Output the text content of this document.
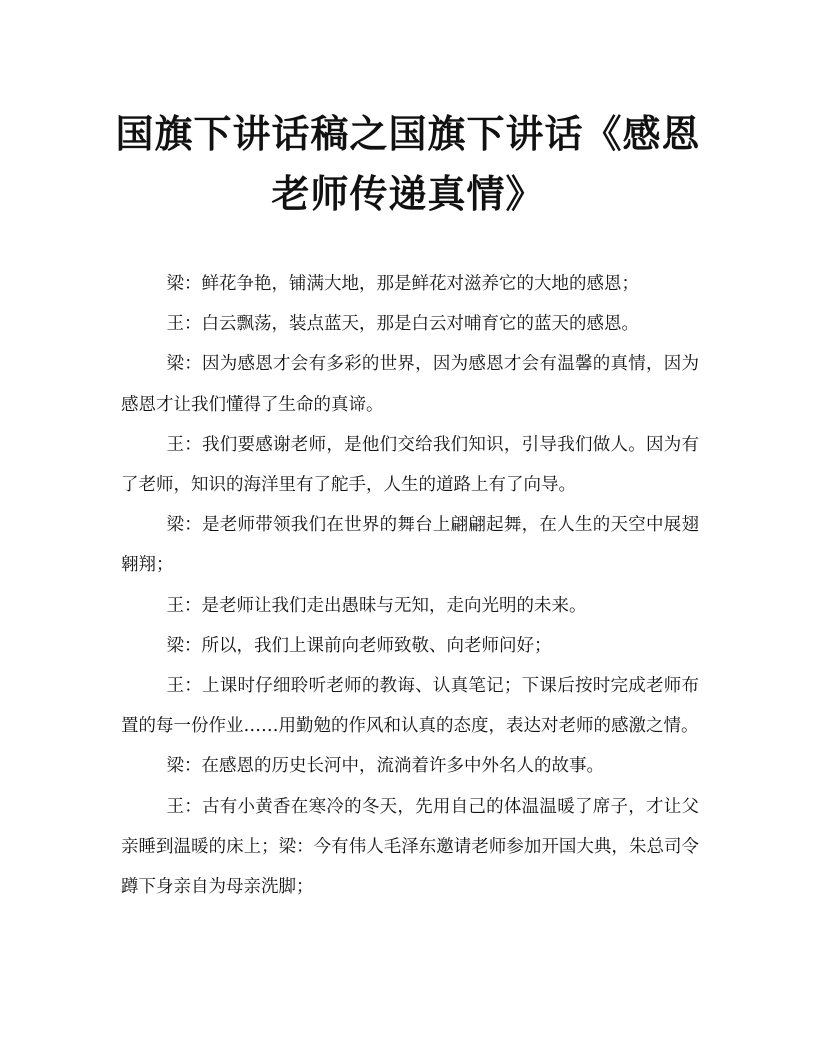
国旗下讲话稿之国旗下讲话《感恩老师传递真情》

梁：鲜花争艳，铺满大地，那是鲜花对滋养它的大地的感恩；

王：白云飘荡，装点蓝天，那是白云对哺育它的蓝天的感恩。

梁：因为感恩才会有多彩的世界，因为感恩才会有温馨的真情，因为感恩才让我们懂得了生命的真谛。

王：我们要感谢老师，是他们交给我们知识，引导我们做人。因为有了老师，知识的海洋里有了舵手，人生的道路上有了向导。

梁：是老师带领我们在世界的舞台上翩翩起舞，在人生的天空中展翅翱翔；

王：是老师让我们走出愚昧与无知，走向光明的未来。

梁：所以，我们上课前向老师致敬、向老师问好；

王：上课时仔细聆听老师的教诲、认真笔记；下课后按时完成老师布置的每一份作业……用勤勉的作风和认真的态度，表达对老师的感激之情。

梁：在感恩的历史长河中，流淌着许多中外名人的故事。

王：古有小黄香在寒冷的冬天，先用自己的体温温暖了席子，才让父亲睡到温暖的床上；梁：今有伟人毛泽东邀请老师参加开国大典，朱总司令蹲下身亲自为母亲洗脚；
